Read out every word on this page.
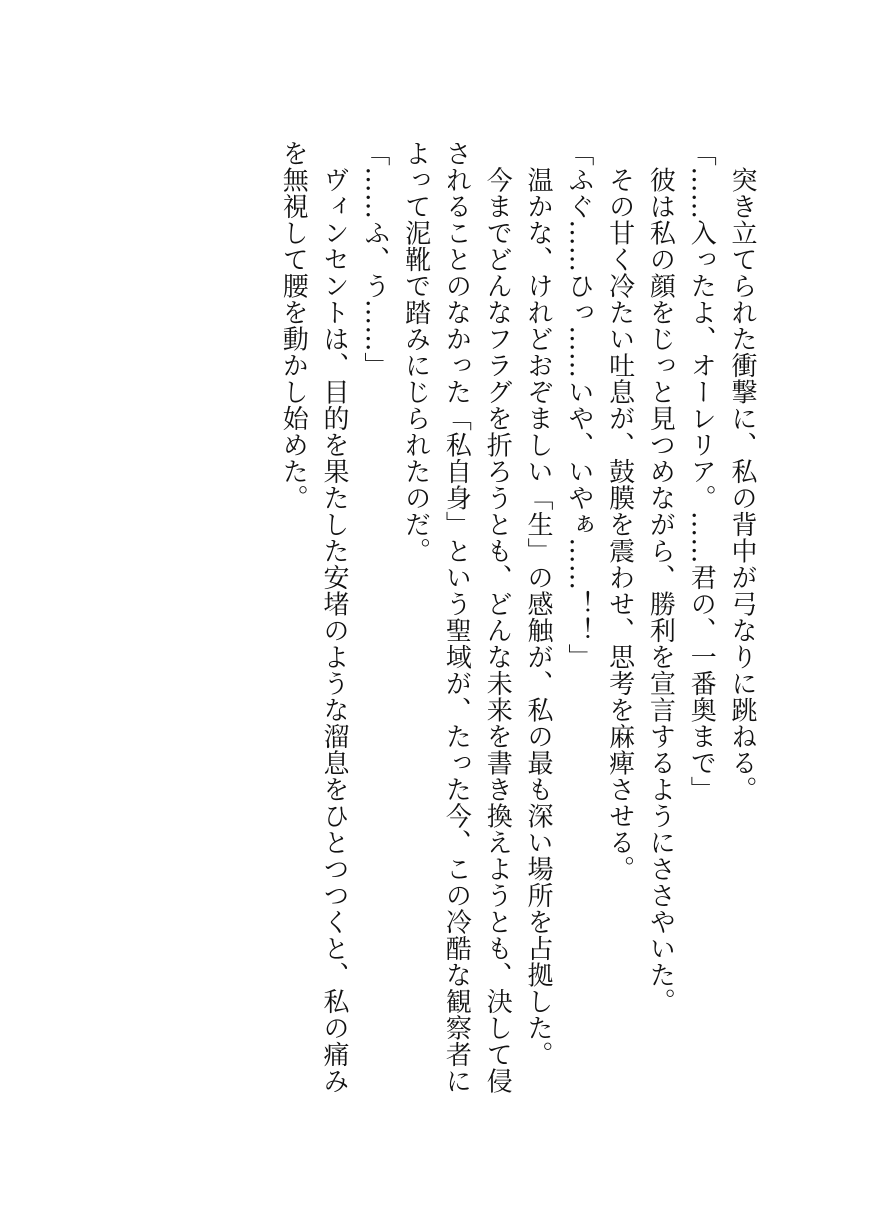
　突き立てられた衝撃に、私の背中が弓なりに跳ねる。

「……入ったよ、オーレリア。……君の、一番奥まで」

　彼は私の顔をじっと見つめながら、勝利を宣言するようにささやいた。

　その甘く冷たい吐息が、鼓膜を震わせ、思考を麻痺させる。

「ふぐ……ひっ……いや、いやぁ……！！」

　温かな、けれどおぞましい「生」の感触が、私の最も深い場所を占拠した。

　今までどんなフラグを折ろうとも、どんな未来を書き換えようとも、決して侵されることのなかった「私自身」という聖域が、たった今、この冷酷な観察者によって泥靴で踏みにじられたのだ。

「……ふ、う……」

　ヴィンセントは、目的を果たした安堵のような溜息をひとつつくと、私の痛みを無視して腰を動かし始めた。
